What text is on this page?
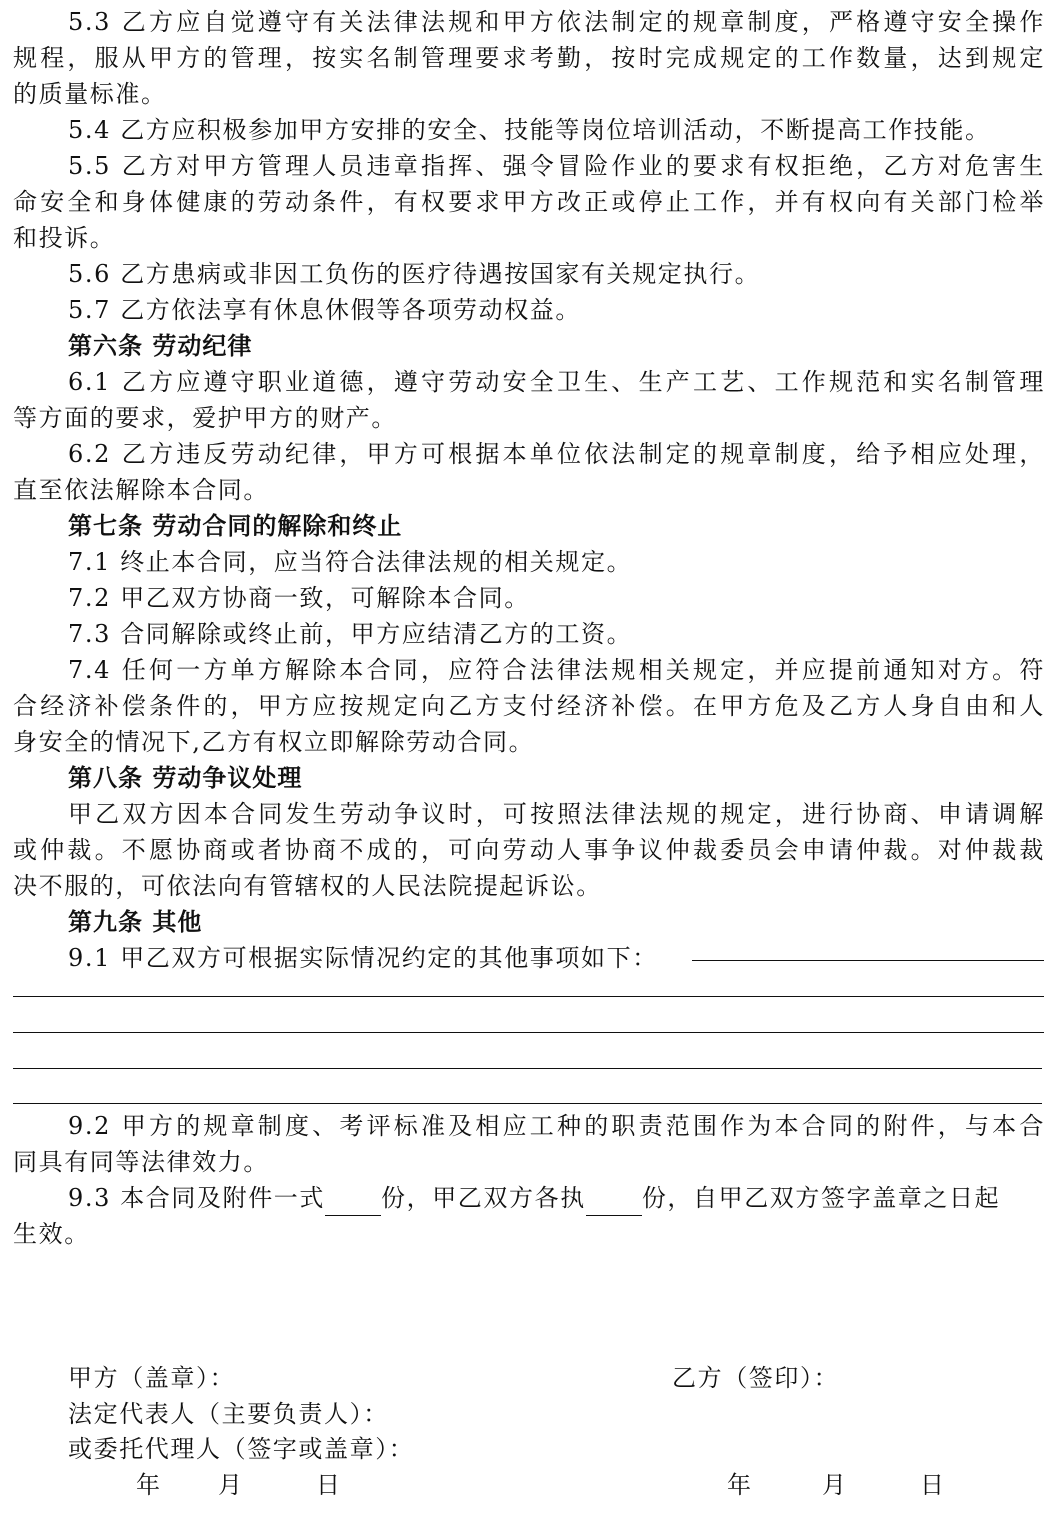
5.3 乙方应自觉遵守有关法律法规和甲方依法制定的规章制度，严格遵守安全操作
规程，服从甲方的管理，按实名制管理要求考勤，按时完成规定的工作数量，达到规定
的质量标准。
5.4 乙方应积极参加甲方安排的安全、技能等岗位培训活动，不断提高工作技能。
5.5 乙方对甲方管理人员违章指挥、强令冒险作业的要求有权拒绝，乙方对危害生
命安全和身体健康的劳动条件，有权要求甲方改正或停止工作，并有权向有关部门检举
和投诉。
5.6 乙方患病或非因工负伤的医疗待遇按国家有关规定执行。
5.7 乙方依法享有休息休假等各项劳动权益。
第六条 劳动纪律
6.1 乙方应遵守职业道德，遵守劳动安全卫生、生产工艺、工作规范和实名制管理
等方面的要求，爱护甲方的财产。
6.2 乙方违反劳动纪律，甲方可根据本单位依法制定的规章制度，给予相应处理，
直至依法解除本合同。
第七条 劳动合同的解除和终止
7.1 终止本合同，应当符合法律法规的相关规定。
7.2 甲乙双方协商一致，可解除本合同。
7.3 合同解除或终止前，甲方应结清乙方的工资。
7.4 任何一方单方解除本合同，应符合法律法规相关规定，并应提前通知对方。符
合经济补偿条件的，甲方应按规定向乙方支付经济补偿。在甲方危及乙方人身自由和人
身安全的情况下,乙方有权立即解除劳动合同。
第八条 劳动争议处理
甲乙双方因本合同发生劳动争议时，可按照法律法规的规定，进行协商、申请调解
或仲裁。不愿协商或者协商不成的，可向劳动人事争议仲裁委员会申请仲裁。对仲裁裁
决不服的，可依法向有管辖权的人民法院提起诉讼。
第九条 其他
9.1 甲乙双方可根据实际情况约定的其他事项如下：
9.2 甲方的规章制度、考评标准及相应工种的职责范围作为本合同的附件，与本合
同具有同等法律效力。
9.3 本合同及附件一式 份，甲乙双方各执 份，自甲乙双方签字盖章之日起
生效。
甲方（盖章）：	乙方（签印）：
法定代表人（主要负责人）：
或委托代理人（签字或盖章）：
年 月	日	年	月	日
